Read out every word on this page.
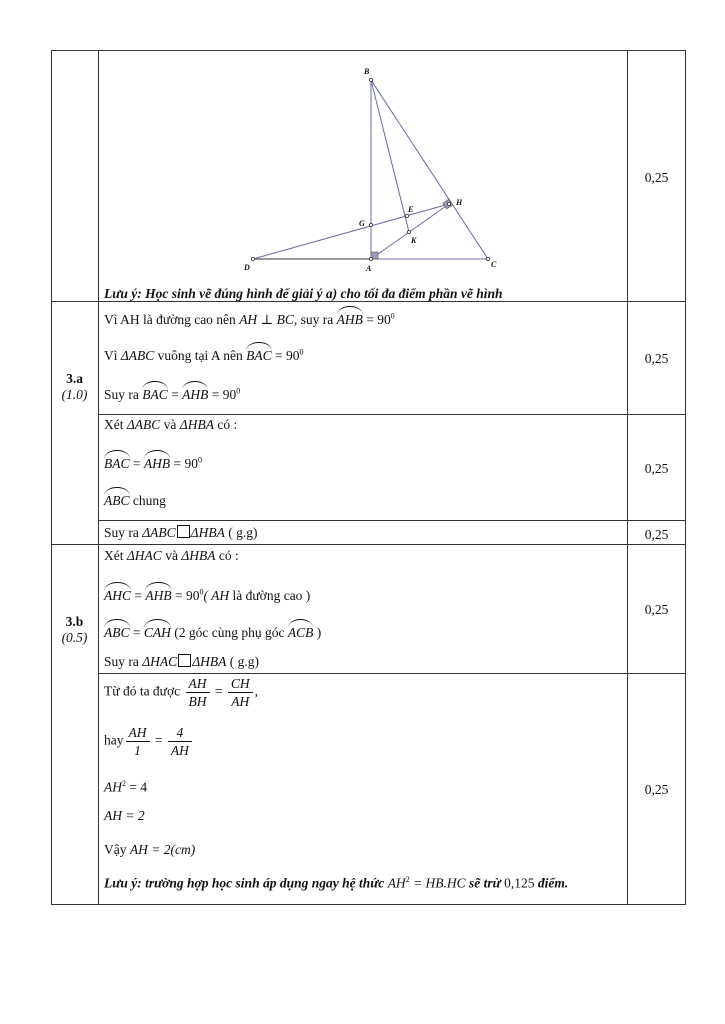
B
H
E
G
K
D	A	C
Lưu ý: Học sinh vẽ đúng hình để giải ý a) cho tối đa điểm phần vẽ hình
0,25
3.a
(1.0)
Vì AH là đường cao nên AH ⊥ BC, suy ra AHB = $90^0$
Vì ΔABC vuông tại A nên BAC = $90^0$
Suy ra BAC = AHB = $90^0$
0,25
Xét ΔABC và ΔHBA có :
BAC = AHB = $90^0$
ABC chung
0,25
Suy ra ΔABC ΔHBA ( g.g)	0,25
3.b
(0.5)
Xét ΔHAC và ΔHBA có :
AHC = AHB = $90^0$( AH là đường cao )
ABC = CAH (2 góc cùng phụ góc ACB )
Suy ra ΔHAC ΔHBA ( g.g)
0,25
Từ đó ta được $\frac{AH}{BH} = \frac{CH}{AH}$ ,
hay $\frac{AH}{1} = \frac{4}{AH}$
$AH^2 = 4$
AH = 2
Vậy AH = 2(cm)
Lưu ý: trường hợp học sinh áp dụng ngay hệ thức $AH^2 = HB.HC$ sẽ trừ 0,125 điểm.
0,25
